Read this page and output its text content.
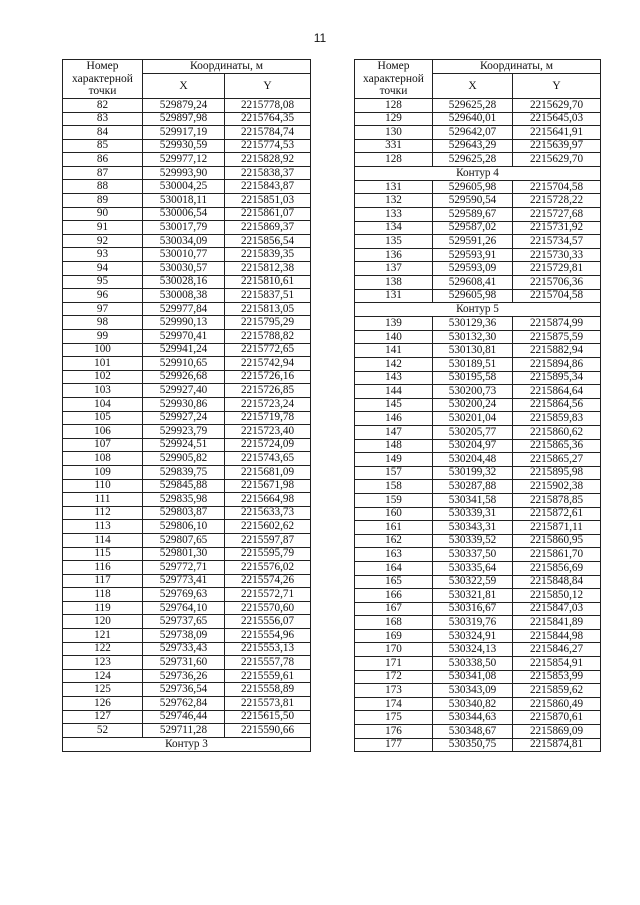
11
Номер
характерной
точки	Координаты, м	
	X	Y
82	529879,24	2215778,08
83	529897,98	2215764,35
84	529917,19	2215784,74
85	529930,59	2215774,53
86	529977,12	2215828,92
87	529993,90	2215838,37
88	530004,25	2215843,87
89	530018,11	2215851,03
90	530006,54	2215861,07
91	530017,79	2215869,37
92	530034,09	2215856,54
93	530010,77	2215839,35
94	530030,57	2215812,38
95	530028,16	2215810,61
96	530008,38	2215837,51
97	529977,84	2215813,05
98	529990,13	2215795,29
99	529970,41	2215788,82
100	529941,24	2215772,65
101	529910,65	2215742,94
102	529926,68	2215726,16
103	529927,40	2215726,85
104	529930,86	2215723,24
105	529927,24	2215719,78
106	529923,79	2215723,40
107	529924,51	2215724,09
108	529905,82	2215743,65
109	529839,75	2215681,09
110	529845,88	2215671,98
111	529835,98	2215664,98
112	529803,87	2215633,73
113	529806,10	2215602,62
114	529807,65	2215597,87
115	529801,30	2215595,79
116	529772,71	2215576,02
117	529773,41	2215574,26
118	529769,63	2215572,71
119	529764,10	2215570,60
120	529737,65	2215556,07
121	529738,09	2215554,96
122	529733,43	2215553,13
123	529731,60	2215557,78
124	529736,26	2215559,61
125	529736,54	2215558,89
126	529762,84	2215573,81
127	529746,44	2215615,50
52	529711,28	2215590,66
Контур 3		
Номер
характерной
точки	Координаты, м	
	X	Y
128	529625,28	2215629,70
129	529640,01	2215645,03
130	529642,07	2215641,91
331	529643,29	2215639,97
128	529625,28	2215629,70
Контур 4		
131	529605,98	2215704,58
132	529590,54	2215728,22
133	529589,67	2215727,68
134	529587,02	2215731,92
135	529591,26	2215734,57
136	529593,91	2215730,33
137	529593,09	2215729,81
138	529608,41	2215706,36
131	529605,98	2215704,58
Контур 5		
139	530129,36	2215874,99
140	530132,30	2215875,59
141	530130,81	2215882,94
142	530189,51	2215894,86
143	530195,58	2215895,34
144	530200,73	2215864,64
145	530200,24	2215864,56
146	530201,04	2215859,83
147	530205,77	2215860,62
148	530204,97	2215865,36
149	530204,48	2215865,27
157	530199,32	2215895,98
158	530287,88	2215902,38
159	530341,58	2215878,85
160	530339,31	2215872,61
161	530343,31	2215871,11
162	530339,52	2215860,95
163	530337,50	2215861,70
164	530335,64	2215856,69
165	530322,59	2215848,84
166	530321,81	2215850,12
167	530316,67	2215847,03
168	530319,76	2215841,89
169	530324,91	2215844,98
170	530324,13	2215846,27
171	530338,50	2215854,91
172	530341,08	2215853,99
173	530343,09	2215859,62
174	530340,82	2215860,49
175	530344,63	2215870,61
176	530348,67	2215869,09
177	530350,75	2215874,81
